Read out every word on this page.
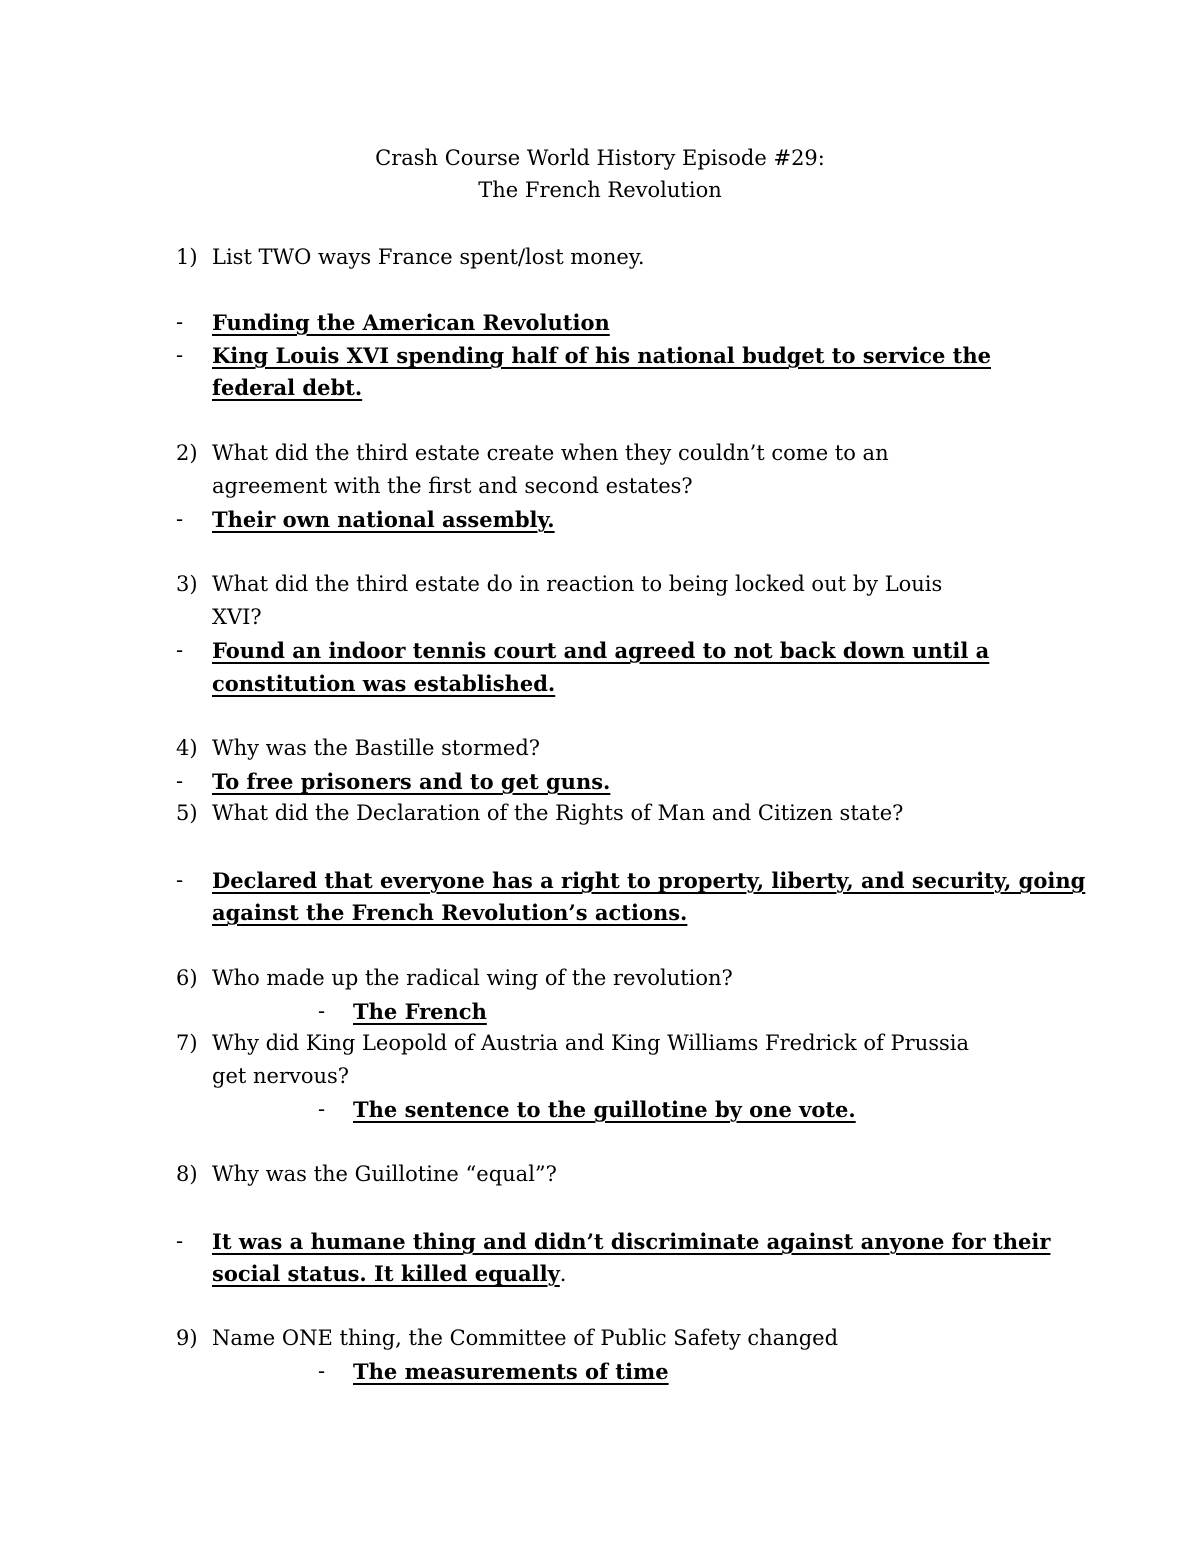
Crash Course World History Episode #29:
The French Revolution
1) List TWO ways France spent/lost money.
- Funding the American Revolution
- King Louis XVI spending half of his national budget to service the
federal debt.
2) What did the third estate create when they couldn’t come to an
agreement with the first and second estates?
- Their own national assembly.
3) What did the third estate do in reaction to being locked out by Louis
XVI?
- Found an indoor tennis court and agreed to not back down until a
constitution was established.
4) Why was the Bastille stormed?
- To free prisoners and to get guns.
5) What did the Declaration of the Rights of Man and Citizen state?
- Declared that everyone has a right to property, liberty, and security, going
against the French Revolution’s actions.
6) Who made up the radical wing of the revolution?
- The French
7) Why did King Leopold of Austria and King Williams Fredrick of Prussia
get nervous?
- The sentence to the guillotine by one vote.
8) Why was the Guillotine “equal”?
- It was a humane thing and didn’t discriminate against anyone for their
social status. It killed equally.
9) Name ONE thing, the Committee of Public Safety changed
- The measurements of time
